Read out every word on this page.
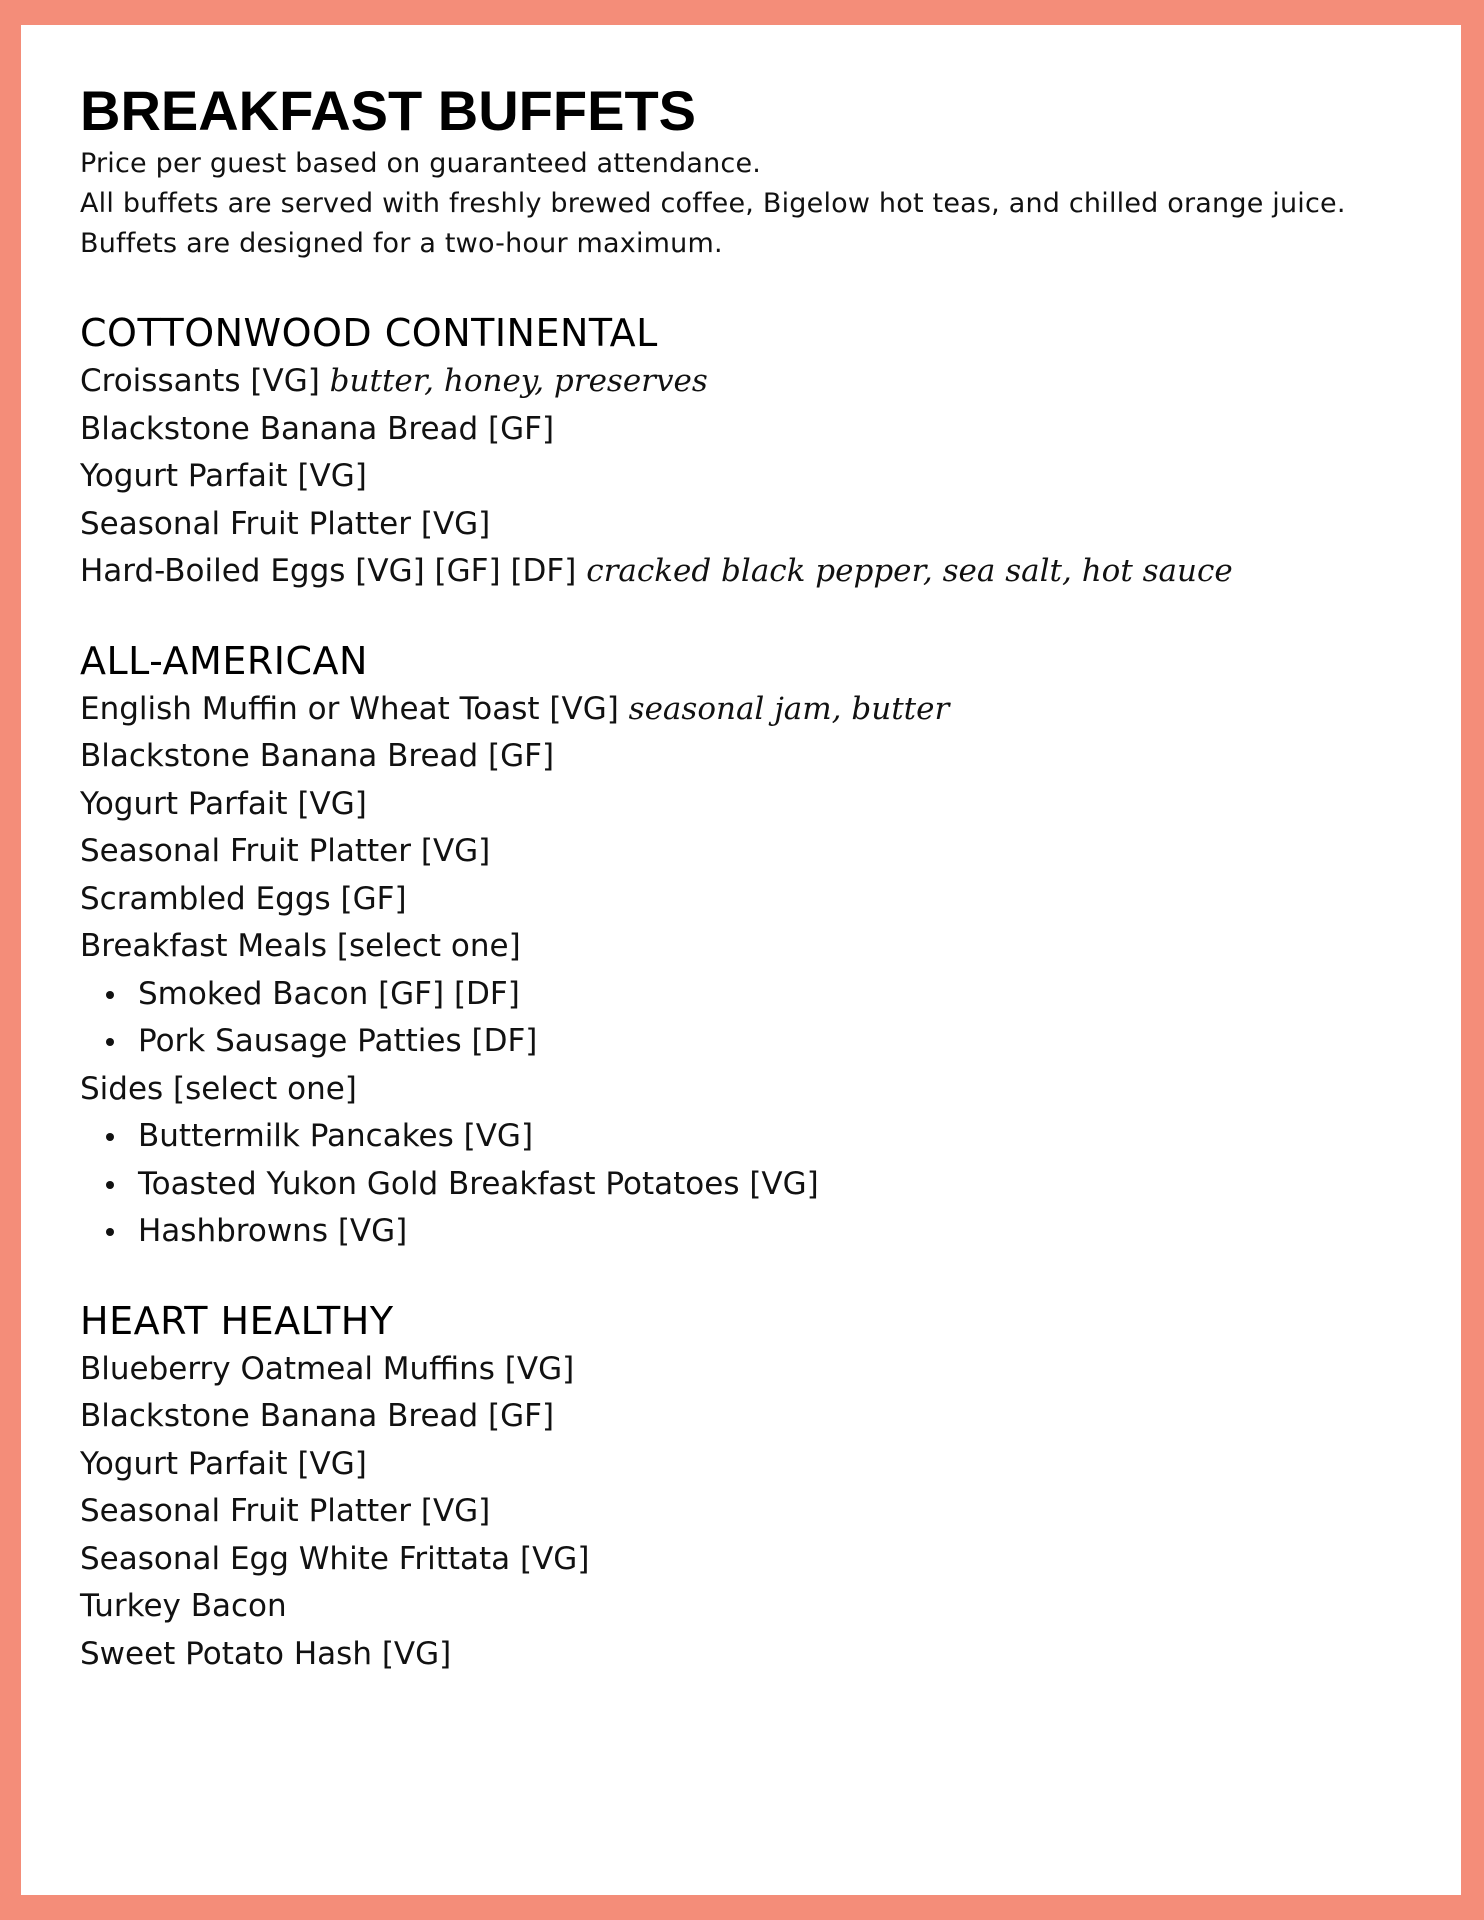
BREAKFAST BUFFETS

Price per guest based on guaranteed attendance.

All buffets are served with freshly brewed coffee, Bigelow hot teas, and chilled orange juice.

Buffets are designed for a two-hour maximum.

COTTONWOOD CONTINENTAL
Croissants [VG] butter, honey, preserves
Blackstone Banana Bread [GF]
Yogurt Parfait [VG]
Seasonal Fruit Platter [VG]
Hard-Boiled Eggs [VG] [GF] [DF] cracked black pepper, sea salt, hot sauce
ALL-AMERICAN
English Muffin or Wheat Toast [VG] seasonal jam, butter
Blackstone Banana Bread [GF]
Yogurt Parfait [VG]
Seasonal Fruit Platter [VG]
Scrambled Eggs [GF]
Breakfast Meals [select one]
Smoked Bacon [GF] [DF]
Pork Sausage Patties [DF]
Sides [select one]
Buttermilk Pancakes [VG]
Toasted Yukon Gold Breakfast Potatoes [VG]
Hashbrowns [VG]
HEART HEALTHY
Blueberry Oatmeal Muffins [VG]
Blackstone Banana Bread [GF]
Yogurt Parfait [VG]
Seasonal Fruit Platter [VG]
Seasonal Egg White Frittata [VG]
Turkey Bacon
Sweet Potato Hash [VG]
